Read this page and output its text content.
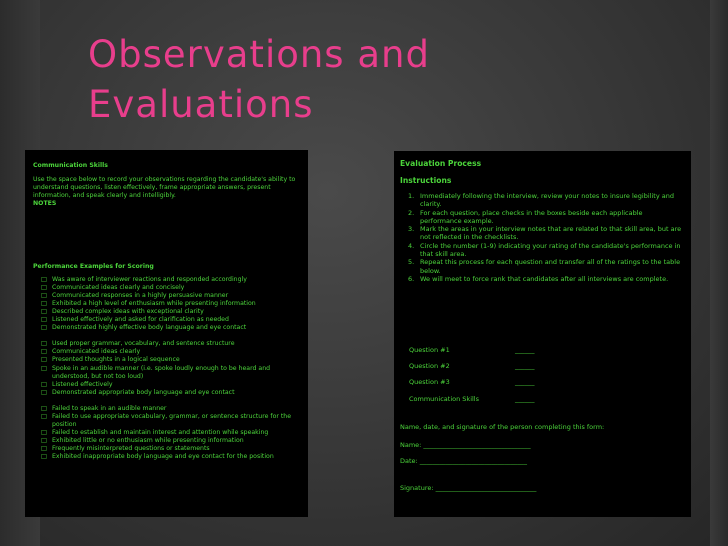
Observations and
Evaluations
Communication Skills

Use the space below to record your observations regarding the candidate's ability to understand questions, listen effectively, frame appropriate answers, present information, and speak clearly and intelligibly.

NOTES
Performance Examples for Scoring
□ Was aware of interviewer reactions and responded accordingly
□ Communicated ideas clearly and concisely
□ Communicated responses in a highly persuasive manner
□ Exhibited a high level of enthusiasm while presenting information
□ Described complex ideas with exceptional clarity
□ Listened effectively and asked for clarification as needed
□ Demonstrated highly effective body language and eye contact
□ Used proper grammar, vocabulary, and sentence structure
□ Communicated ideas clearly
□ Presented thoughts in a logical sequence
□ Spoke in an audible manner (i.e. spoke loudly enough to be heard and understood, but not too loud)
□ Listened effectively
□ Demonstrated appropriate body language and eye contact
□ Failed to speak in an audible manner
□ Failed to use appropriate vocabulary, grammar, or sentence structure for the position
□ Failed to establish and maintain interest and attention while speaking
□ Exhibited little or no enthusiasm while presenting information
□ Frequently misinterpreted questions or statements
□ Exhibited inappropriate body language and eye contact for the position
Evaluation Process
Instructions
1. Immediately following the interview, review your notes to insure legibility and clarity.
2. For each question, place checks in the boxes beside each applicable performance example.
3. Mark the areas in your interview notes that are related to that skill area, but are not reflected in the checklists.
4. Circle the number (1-9) indicating your rating of the candidate's performance in that skill area.
5. Repeat this process for each question and transfer all of the ratings to the table below.
6. We will meet to force rank that candidates after all interviews are complete.
Question #1	______
Question #2	______
Question #3	______
Communication Skills	______
Name, date, and signature of the person completing this form:
Name: _________________________________
Date: _________________________________
Signature: _______________________________
